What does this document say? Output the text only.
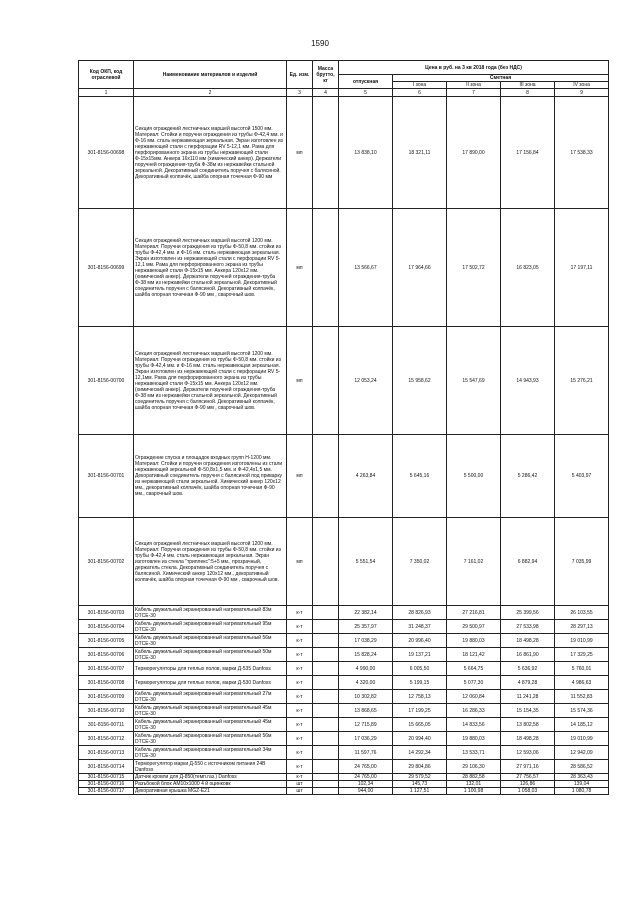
1590
Код ОКП, код отраслевой	Наименование материалов и изделий	Ед. изм.	Масса брутто, кг	Цена в руб. на 3 кв 2018 года (без НДС)				
				отпускная	Сметная			
					I зона	II зона	III зона	IV зона
1	2	3	4	5	6	7	8	9
301-8156-00698	Секция ограждений лестничных маршей высотой 1500 мм. Материал: Стойки и поручни ограждения из трубы Ф-42,4 мм. и Ф-16 мм. сталь нержавеющая зеркальная. Экран изготовлен из нержавеющей стали с перфорации RV 5-12,1 мм. Рама для перфорированного экрана из трубы нержавеющей стали Ф-15х15мм. Анкера 16х110 мм (химический анкер). Держатели поручней ограждения-труба Ф-38м из нержавейки стальной зеркальной. Декоративный соединитель поручня с балясиной. Декоративный колпачёк, шайба опорная точечная Ф-90 мм	мп		13 838,10	18 321,11	17 890,00	17 156,84	17 538,33
301-8156-00699	Секция ограждений лестничных маршей высотой 1200 мм. Материал: Поручни ограждения из трубы Ф-50,8 мм. стойки из трубы Ф-42,4 мм. и Ф-16 мм. сталь нержавеющая зеркальная. Экран изготовлен из нержавеющей стали с перфорации RV 5-12,1 мм. Рама для перфорированного экрана из трубы нержавеющей стали Ф-15х15 мм. Анкера 120х12 мм. (химический анкер). Держатели поручней ограждения-труба Ф-38 мм из нержавейки стальной зеркальной. Декоративный соединитель поручня с балясиной. Декоративный колпачёк, шайба опорная точечная Ф-90 мм , сварочный шов.	мп		13 566,67	17 964,66	17 502,72	16 823,05	17 197,11
301-8156-00700	Секция ограждений лестничных маршей высотой 1200 мм. Материал: Поручни ограждения из трубы Ф-50,8 мм. стойки из трубы Ф-42,4 мм. и Ф-16 мм. сталь нержавеющая зеркальная. Экран изготовлен из нержавеющей стали с перфорации RV 5-12,1мм. Рама для перфорированного экрана из трубы нержавеющей стали Ф-15х15 мм. Анкера 120х12 мм. (химический анкер). Держатели поручней ограждения-труба Ф-38 мм из нержавейки стальной зеркальной. Декоративный соединитель поручня с балясиной. Декоративный колпачёк, шайба опорная точечная Ф-90 мм , сварочный шов.	мп		12 053,24	15 958,62	15 547,69	14 943,93	15 276,21
301-8156-00701	Ограждение спуска и площадок входных групп Н-1200 мм. Материал: Стойки и поручни ограждения изготовлены из стали нержавеющей зеркальной Ф-50,8х1,5 мм. и Ф-42,4х1,5 мм. Декоративный соединитель поручня с балясиной под приварку из нержавеющей стали зеркальной. Химический анкер 120х12 мм., декоративный колпачёк, шайба опорная точечная Ф-90 мм., сварочный шов.	мп		4 263,84	5 645,16	5 500,00	5 286,42	5 403,97
301-8156-00702	Секция ограждений лестничных маршей высотой 1200 мм. Материал: Поручни ограждения из трубы Ф-50,8 мм. стойки из трубы Ф-42,4 мм. сталь нержавеющая зеркальная. Экран изготовлен из стекла "триплекс":5+5 мм., прозрачный, держатель стекла. Декоративный соединитель поручня с балясиной. Химический анкер 120х12 мм., декоративный колпачёк, шайба опорная точечная Ф-90 мм , сварочный шов.	мп		5 551,54	7 350,02	7 161,02	6 882,94	7 035,99
301-8156-00703	Кабель двужильный экранированный нагревательный 83м DTCE-30	к-т		22 382,14	28 826,93	27 216,81	25 399,56	26 103,55
301-8156-00704	Кабель двужильный экранированный нагревательный 95м DTCE-30	к-т		25 357,97	31 248,37	29 500,97	27 533,98	28 297,13
301-8156-00705	Кабель двужильный экранированный нагревательный 56м DTCE-30	к-т		17 038,29	20 996,40	19 880,03	18 498,28	19 010,99
301-8156-00706	Кабель двужильный экранированный нагревательный 50м DTCE-30	к-т		15 828,24	19 137,21	18 121,42	16 861,90	17 329,25
301-8156-00707	Терморегуляторы для теплых полов, марки Д-535 Danfoss	к-т		4 990,00	6 005,50	5 664,75	5 636,92	5 760,01
301-8156-00708	Терморегуляторы для теплых полов, марки Д-530 Danfoss	к-т		4 320,00	5 199,15	5 077,30	4 879,28	4 986,63
301-8156-00709	Кабель двужильный экранированный нагревательный 27м DTCE-30	к-т		10 302,82	12 758,13	12 060,84	11 241,28	11 552,83
301-8156-00710	Кабель двужильный экранированный нагревательный 45м DTCE-30	к-т		13 868,65	17 199,25	16 286,33	15 154,35	15 574,36
301-8156-00711	Кабель двужильный экранированный нагревательный 45м DTCE-30	к-т		12 715,89	15 665,05	14 833,56	13 802,58	14 185,12
301-8156-00712	Кабель двужильный экранированный нагревательный 56м DTCE-30	к-т		17 036,29	20 994,40	19 880,03	18 498,28	19 010,99
301-8156-00713	Кабель двужильный экранированный нагревательный 34м DTCE-30	к-т		11 597,76	14 292,34	13 533,71	12 593,06	12 942,09
301-8156-00714	Терморегулятор марки Д-550 с источником питания 24В Danfoss	к-т		24 765,00	29 804,86	29 106,30	27 971,16	28 586,52
301-8156-00715	Датчик кровли для Д-850(темп.газ.) Danfoss	к-т		24 765,00	29 579,52	28 882,58	27 756,57	28 363,43
301-8156-00716	Разъбокой блок АМ10х1000 4 й оцинковк	шт		102,34	145,73	132,01	126,86	139,04
301-8156-00717	Декоративная крышка MGZ-E21	шт		944,00	1 127,51	1 100,98	1 058,03	1 080,78
